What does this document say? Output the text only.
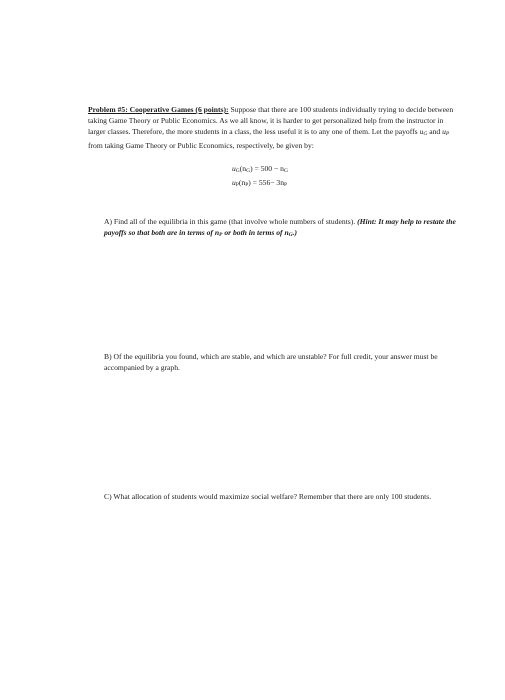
Problem #5: Cooperative Games (6 points): Suppose that there are 100 students individually trying to decide between taking Game Theory or Public Economics. As we all know, it is harder to get personalized help from the instructor in larger classes. Therefore, the more students in a class, the less useful it is to any one of them. Let the payoffs $u_G$ and $u_P$ from taking Game Theory or Public Economics, respectively, be given by:

$u_G(n_G) = 500 - n_G$
$u_P(n_P) = 556- 3n_P$

A) Find all of the equilibria in this game (that involve whole numbers of students). (Hint: It may help to restate the payoffs so that both are in terms of $n_P$ or both in terms of $n_G$.)

B) Of the equilibria you found, which are stable, and which are unstable? For full credit, your answer must be accompanied by a graph.

C) What allocation of students would maximize social welfare? Remember that there are only 100 students.
